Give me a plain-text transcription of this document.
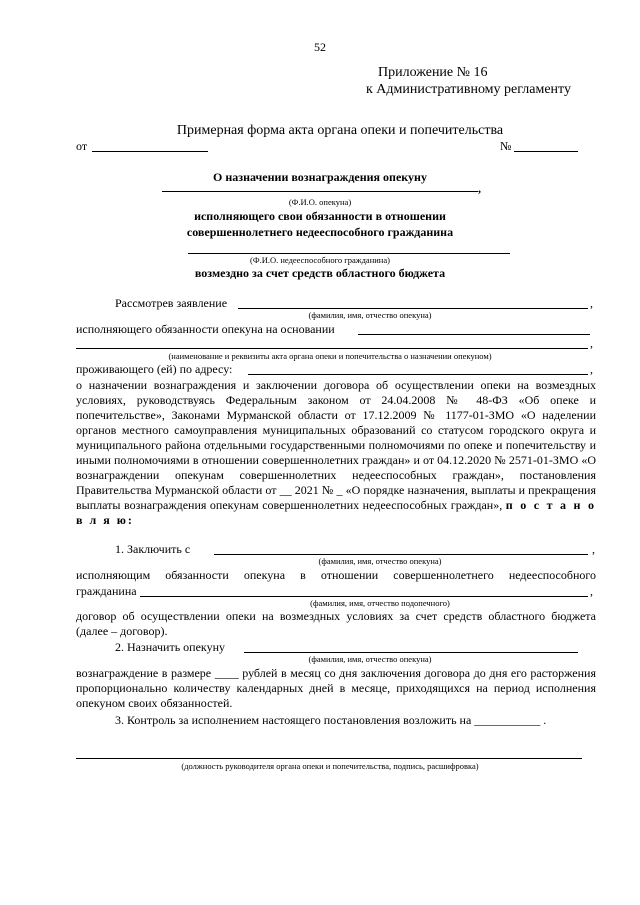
52
Приложение № 16
к Административному регламенту
Примерная форма акта органа опеки и попечительства
от	№
О назначении вознаграждения опекуну
,
(Ф.И.О. опекуна)
исполняющего свои обязанности в отношении
совершеннолетнего недееспособного гражданина
(Ф.И.О. недееспособного гражданина)
возмездно за счет средств областного бюджета
Рассмотрев заявление	,
(фамилия, имя, отчество опекуна)
исполняющего обязанности опекуна на основании
,
(наименование и реквизиты акта органа опеки и попечительства о назначении опекуном)
проживающего (ей) по адресу:	,
о назначении вознаграждения и заключении договора об осуществлении опеки на возмездных условиях, руководствуясь Федеральным законом от 24.04.2008 № 48-ФЗ «Об опеке и попечительстве», Законами Мурманской области от 17.12.2009 № 1177-01-ЗМО «О наделении органов местного самоуправления муниципальных образований со статусом городского округа и муниципального района отдельными государственными полномочиями по опеке и попечительству и иными полномочиями в отношении совершеннолетних граждан» и от 04.12.2020 № 2571-01-ЗМО «О вознаграждении опекунам совершеннолетних недееспособных граждан», постановления Правительства Мурманской области от __ 2021 № _ «О порядке назначения, выплаты и прекращения выплаты вознаграждения опекунам совершеннолетних недееспособных граждан», п о с т а н о в л я ю:
1. Заключить с	,
(фамилия, имя, отчество опекуна)
исполняющим обязанности опекуна в отношении совершеннолетнего недееспособного
гражданина	,
(фамилия, имя, отчество подопечного)
договор об осуществлении опеки на возмездных условиях за счет средств областного бюджета (далее – договор).
2. Назначить опекуну
(фамилия, имя, отчество опекуна)
вознаграждение в размере ____ рублей в месяц со дня заключения договора до дня его расторжения пропорционально количеству календарных дней в месяце, приходящихся на период исполнения опекуном своих обязанностей.
3. Контроль за исполнением настоящего постановления возложить на ___________ .
(должность руководителя органа опеки и попечительства, подпись, расшифровка)
